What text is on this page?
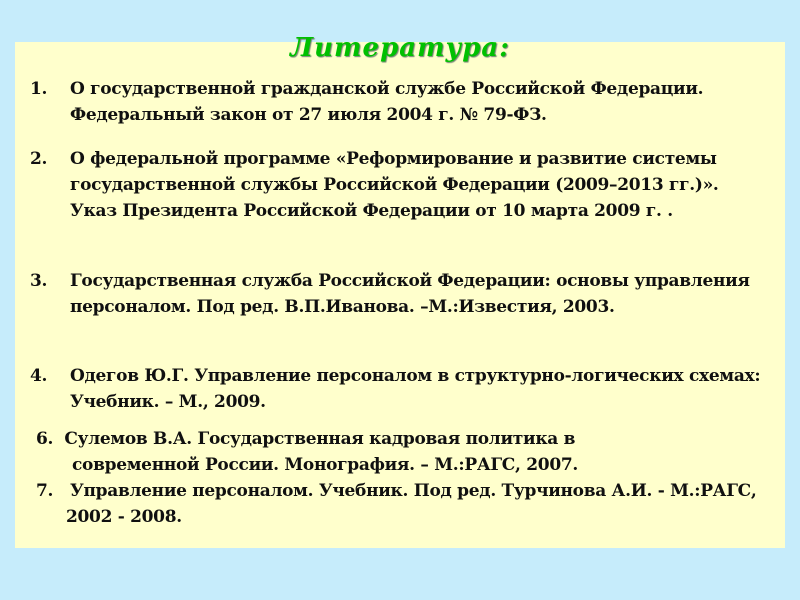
Литература:
1.	О государственной гражданской службе Российской Федерации. Федеральный закон от 27 июля 2004 г. № 79-ФЗ.
2.	О федеральной программе «Реформирование и развитие системы государственной службы Российской Федерации (2009–2013 гг.)». Указ Президента Российской Федерации от 10 марта 2009 г. .
3.	Государственная служба Российской Федерации: основы управления персоналом. Под ред. В.П.Иванова. –М.:Известия, 2003.
4.	Одегов Ю.Г. Управление персоналом в структурно-логических схемах: Учебник. – М., 2009.
6. Сулемов В.А. Государственная кадровая политика в современной России. Монография. – М.:РАГС, 2007.
7. Управление персоналом. Учебник. Под ред. Турчинова А.И. - М.:РАГС, 2002 - 2008.
